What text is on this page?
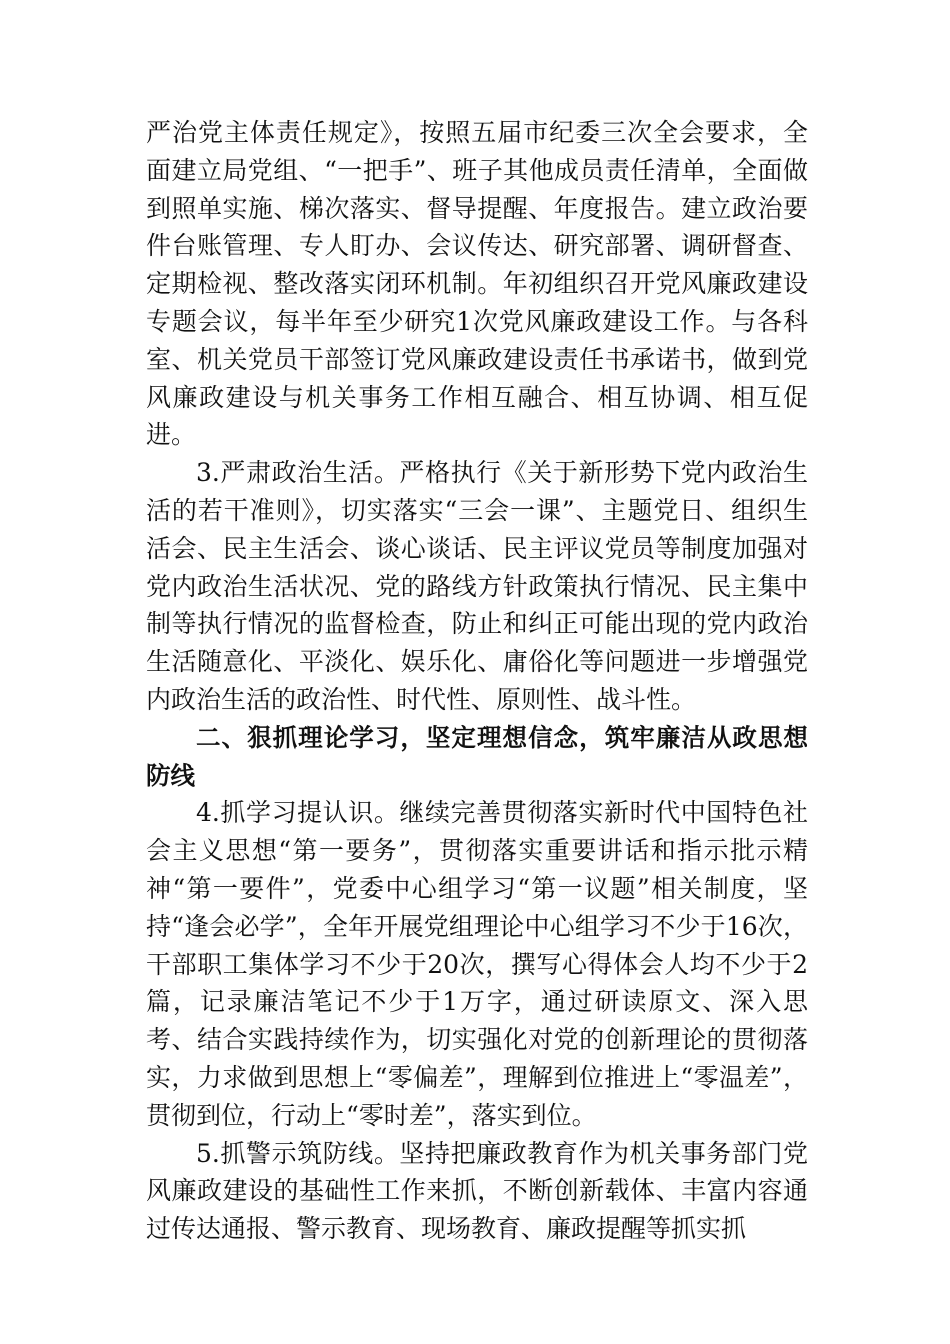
严治党主体责任规定》，按照五届市纪委三次全会要求，全面建立局党组、“一把手”、班子其他成员责任清单，全面做到照单实施、梯次落实、督导提醒、年度报告。建立政治要件台账管理、专人盯办、会议传达、研究部署、调研督查、定期检视、整改落实闭环机制。年初组织召开党风廉政建设专题会议，每半年至少研究1次党风廉政建设工作。与各科室、机关党员干部签订党风廉政建设责任书承诺书，做到党风廉政建设与机关事务工作相互融合、相互协调、相互促进。

3.严肃政治生活。严格执行《关于新形势下党内政治生活的若干准则》，切实落实“三会一课”、主题党日、组织生活会、民主生活会、谈心谈话、民主评议党员等制度加强对党内政治生活状况、党的路线方针政策执行情况、民主集中制等执行情况的监督检查，防止和纠正可能出现的党内政治生活随意化、平淡化、娱乐化、庸俗化等问题进一步增强党内政治生活的政治性、时代性、原则性、战斗性。

二、狠抓理论学习，坚定理想信念，筑牢廉洁从政思想防线

4.抓学习提认识。继续完善贯彻落实新时代中国特色社会主义思想“第一要务”，贯彻落实重要讲话和指示批示精神“第一要件”，党委中心组学习“第一议题”相关制度，坚持“逢会必学”，全年开展党组理论中心组学习不少于16次，干部职工集体学习不少于20次，撰写心得体会人均不少于2篇，记录廉洁笔记不少于1万字，通过研读原文、深入思考、结合实践持续作为，切实强化对党的创新理论的贯彻落实，力求做到思想上“零偏差”，理解到位推进上“零温差”，贯彻到位，行动上“零时差”，落实到位。

5.抓警示筑防线。坚持把廉政教育作为机关事务部门党风廉政建设的基础性工作来抓，不断创新载体、丰富内容通过传达通报、警示教育、现场教育、廉政提醒等抓实抓
